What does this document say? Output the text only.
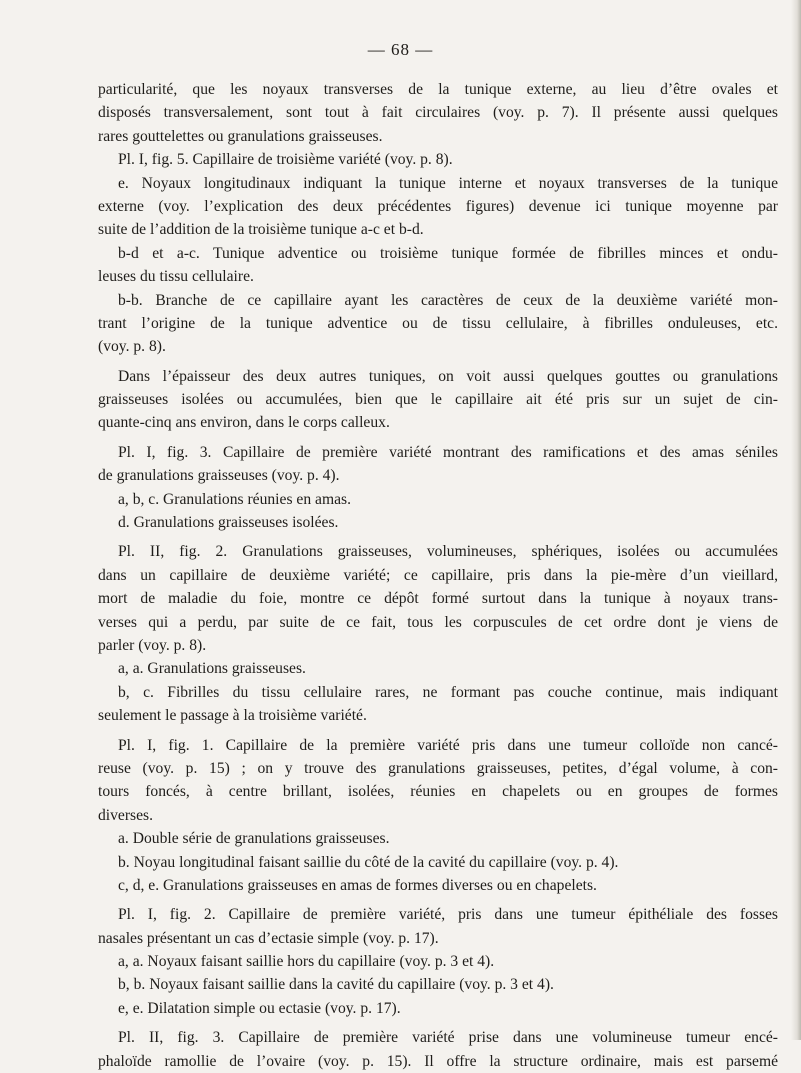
— 68 —
particularité, que les noyaux transverses de la tunique externe, au lieu d’être ovales et
disposés transversalement, sont tout à fait circulaires (voy. p. 7). Il présente aussi quelques
rares gouttelettes ou granulations graisseuses.
Pl. I, fig. 5. Capillaire de troisième variété (voy. p. 8).
e. Noyaux longitudinaux indiquant la tunique interne et noyaux transverses de la tunique
externe (voy. l’explication des deux précédentes figures) devenue ici tunique moyenne par
suite de l’addition de la troisième tunique a-c et b-d.
b-d et a-c. Tunique adventice ou troisième tunique formée de fibrilles minces et ondu-
leuses du tissu cellulaire.
b-b. Branche de ce capillaire ayant les caractères de ceux de la deuxième variété mon-
trant l’origine de la tunique adventice ou de tissu cellulaire, à fibrilles onduleuses, etc.
(voy. p. 8).
Dans l’épaisseur des deux autres tuniques, on voit aussi quelques gouttes ou granulations
graisseuses isolées ou accumulées, bien que le capillaire ait été pris sur un sujet de cin-
quante-cinq ans environ, dans le corps calleux.
Pl. I, fig. 3. Capillaire de première variété montrant des ramifications et des amas séniles
de granulations graisseuses (voy. p. 4).
a, b, c. Granulations réunies en amas.
d. Granulations graisseuses isolées.
Pl. II, fig. 2. Granulations graisseuses, volumineuses, sphériques, isolées ou accumulées
dans un capillaire de deuxième variété; ce capillaire, pris dans la pie-mère d’un vieillard,
mort de maladie du foie, montre ce dépôt formé surtout dans la tunique à noyaux trans-
verses qui a perdu, par suite de ce fait, tous les corpuscules de cet ordre dont je viens de
parler (voy. p. 8).
a, a. Granulations graisseuses.
b, c. Fibrilles du tissu cellulaire rares, ne formant pas couche continue, mais indiquant
seulement le passage à la troisième variété.
Pl. I, fig. 1. Capillaire de la première variété pris dans une tumeur colloïde non cancé-
reuse (voy. p. 15) ; on y trouve des granulations graisseuses, petites, d’égal volume, à con-
tours foncés, à centre brillant, isolées, réunies en chapelets ou en groupes de formes
diverses.
a. Double série de granulations graisseuses.
b. Noyau longitudinal faisant saillie du côté de la cavité du capillaire (voy. p. 4).
c, d, e. Granulations graisseuses en amas de formes diverses ou en chapelets.
Pl. I, fig. 2. Capillaire de première variété, pris dans une tumeur épithéliale des fosses
nasales présentant un cas d’ectasie simple (voy. p. 17).
a, a. Noyaux faisant saillie hors du capillaire (voy. p. 3 et 4).
b, b. Noyaux faisant saillie dans la cavité du capillaire (voy. p. 3 et 4).
e, e. Dilatation simple ou ectasie (voy. p. 17).
Pl. II, fig. 3. Capillaire de première variété prise dans une volumineuse tumeur encé-
phaloïde ramollie de l’ovaire (voy. p. 15). Il offre la structure ordinaire, mais est parsemé
